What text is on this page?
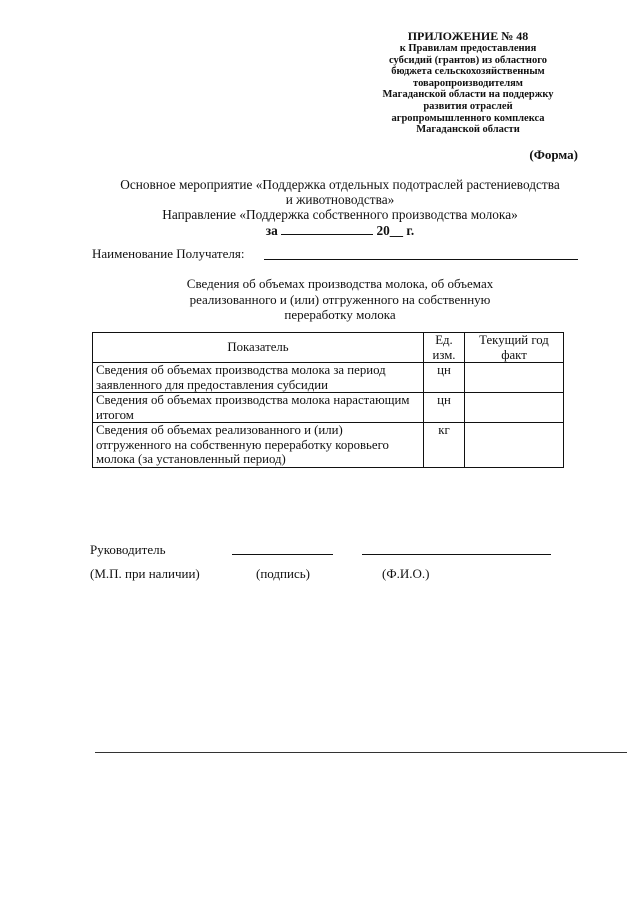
ПРИЛОЖЕНИЕ № 48
к Правилам предоставления
субсидий (грантов) из областного
бюджета сельскохозяйственным
товаропроизводителям
Магаданской области на поддержку
развития отраслей
агропромышленного комплекса
Магаданской области
(Форма)
Основное мероприятие «Поддержка отдельных подотраслей растениеводства
и животноводства»
Направление «Поддержка собственного производства молока»
за	20__ г.
Наименование Получателя:
Сведения об объемах производства молока, об объемах
реализованного и (или) отгруженного на собственную
переработку молока
Показатель	Ед. изм.	Текущий год факт
Сведения об объемах производства молока за период заявленного для предоставления субсидии	цн	
Сведения об объемах производства молока нарастающим итогом	цн	
Сведения об объемах реализованного и (или) отгруженного на собственную переработку коровьего молока (за установленный период)	кг	
Руководитель
(М.П. при наличии)	(подпись)	(Ф.И.О.)
